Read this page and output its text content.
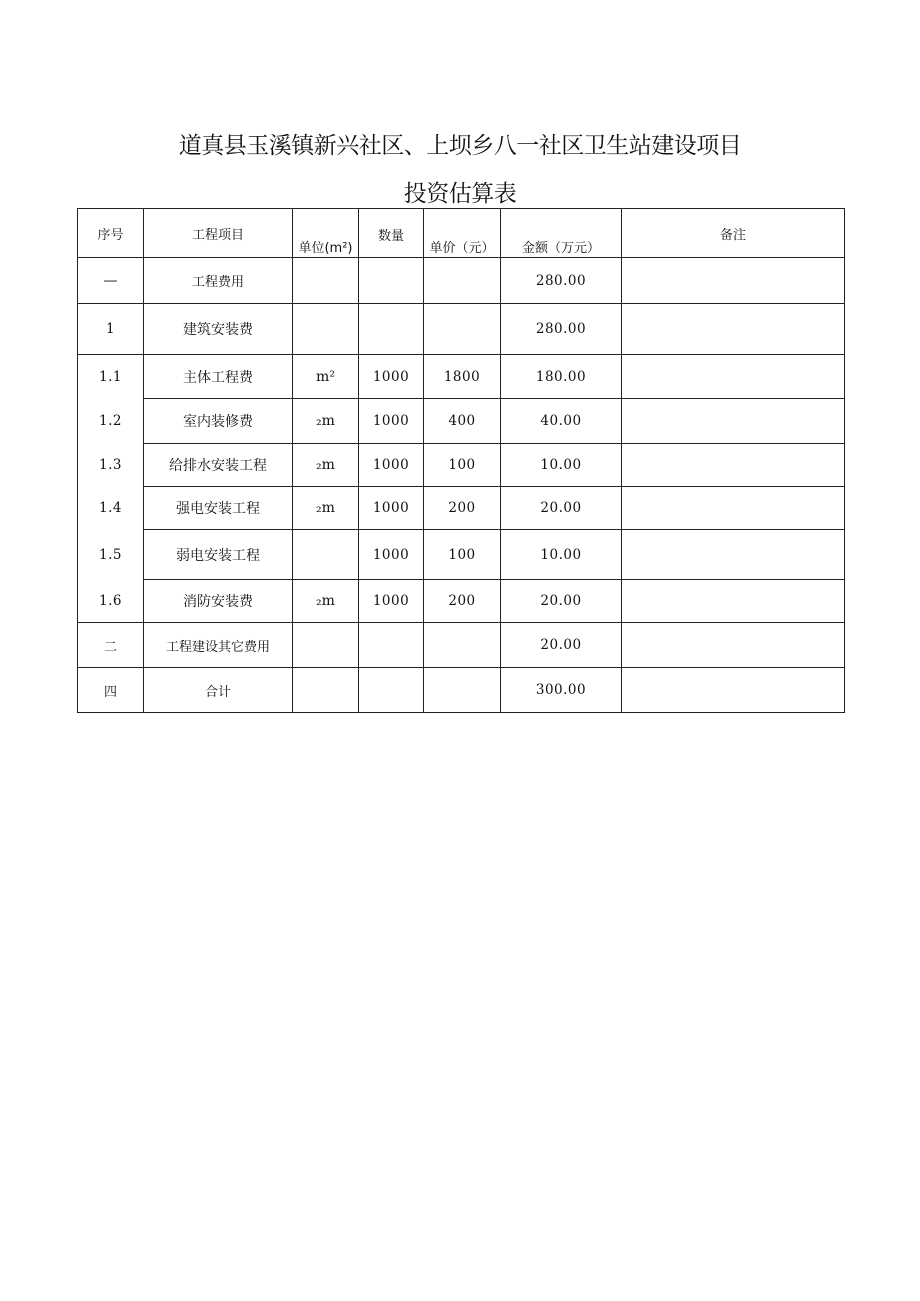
道真县玉溪镇新兴社区、上坝乡八一社区卫生站建设项目
投资估算表
序号	工程项目	单位(m²)	数量	单价（元）	金额（万元）	备注
—	工程费用				280.00	
1	建筑安装费				280.00	
1.1	主体工程费	m²	1000	1800	180.00	
1.2	室内装修费	₂m	1000	400	40.00	
1.3	给排水安装工程	₂m	1000	100	10.00	
1.4	强电安装工程	₂m	1000	200	20.00	
1.5	弱电安装工程		1000	100	10.00	
1.6	消防安装费	₂m	1000	200	20.00	
二	工程建设其它费用				20.00	
四	合计				300.00	
